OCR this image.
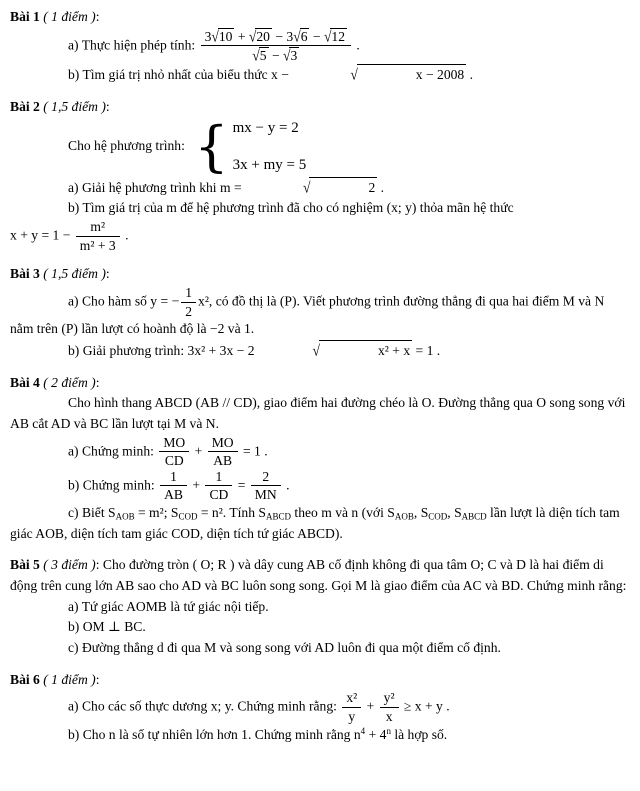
Bài 1 ( 1 điểm ):

a) Thực hiện phép tính: $\frac{3√10 + √20 - 3√6 - √12}{√5 - √3}$ .

b) Tìm giá trị nhỏ nhất của biểu thức x −	√	x − 2008 .

Bài 2 ( 1,5 điểm ):

Cho hệ phương trình: { mx − y = 2
3x + my = 5

a) Giải hệ phương trình khi m =	√	2 .

b) Tìm giá trị của m để hệ phương trình đã cho có nghiệm (x; y) thỏa mãn hệ thức

$x + y = 1 - \frac{\text{m²}}{\text{m² + 3}}$ .

Bài 3 ( 1,5 điểm ):

a) Cho hàm số y = − $\frac{1}{2} x^2$, có đồ thị là (P). Viết phương trình đường thẳng đi qua hai điểm M và N nằm trên (P) lần lượt có hoành độ là −2 và 1.

b) Giải phương trình: 3x² + 3x − 2	√	x² + x = 1 .

Bài 4 ( 2 điểm ):

Cho hình thang ABCD (AB // CD), giao điểm hai đường chéo là O. Đường thẳng qua O song song với AB cắt AD và BC lần lượt tại M và N.

a) Chứng minh: $\frac{MO}{CD} + \frac{MO}{AB} = 1$ .

b) Chứng minh: $\frac{1}{AB} + \frac{1}{CD} = \frac{2}{MN}$ .

c) Biết $S_{AOB} = m^2$; $S_{COD} = n^2$. Tính $S_{ABCD}$ theo m và n (với $S_{AOB}$, $S_{COD}$, $S_{ABCD}$ lần lượt là diện tích tam giác AOB, diện tích tam giác COD, diện tích tứ giác ABCD).

Bài 5 ( 3 điểm ): Cho đường tròn ( O; R ) và dây cung AB cố định không đi qua tâm O; C và D là hai điểm di động trên cung lớn AB sao cho AD và BC luôn song song. Gọi M là giao điểm của AC và BD. Chứng minh rằng:

a) Tứ giác AOMB là tứ giác nội tiếp.

b) OM ⊥ BC.

c) Đường thẳng d đi qua M và song song với AD luôn đi qua một điểm cố định.

Bài 6 ( 1 điểm ):

a) Cho các số thực dương x; y. Chứng minh rằng: $\frac{\text{x²}}{y} + \frac{\text{y²}}{x} \ge x + y$ .

b) Cho n là số tự nhiên lớn hơn 1. Chứng minh rằng $n^4 + 4^n$ là hợp số.
